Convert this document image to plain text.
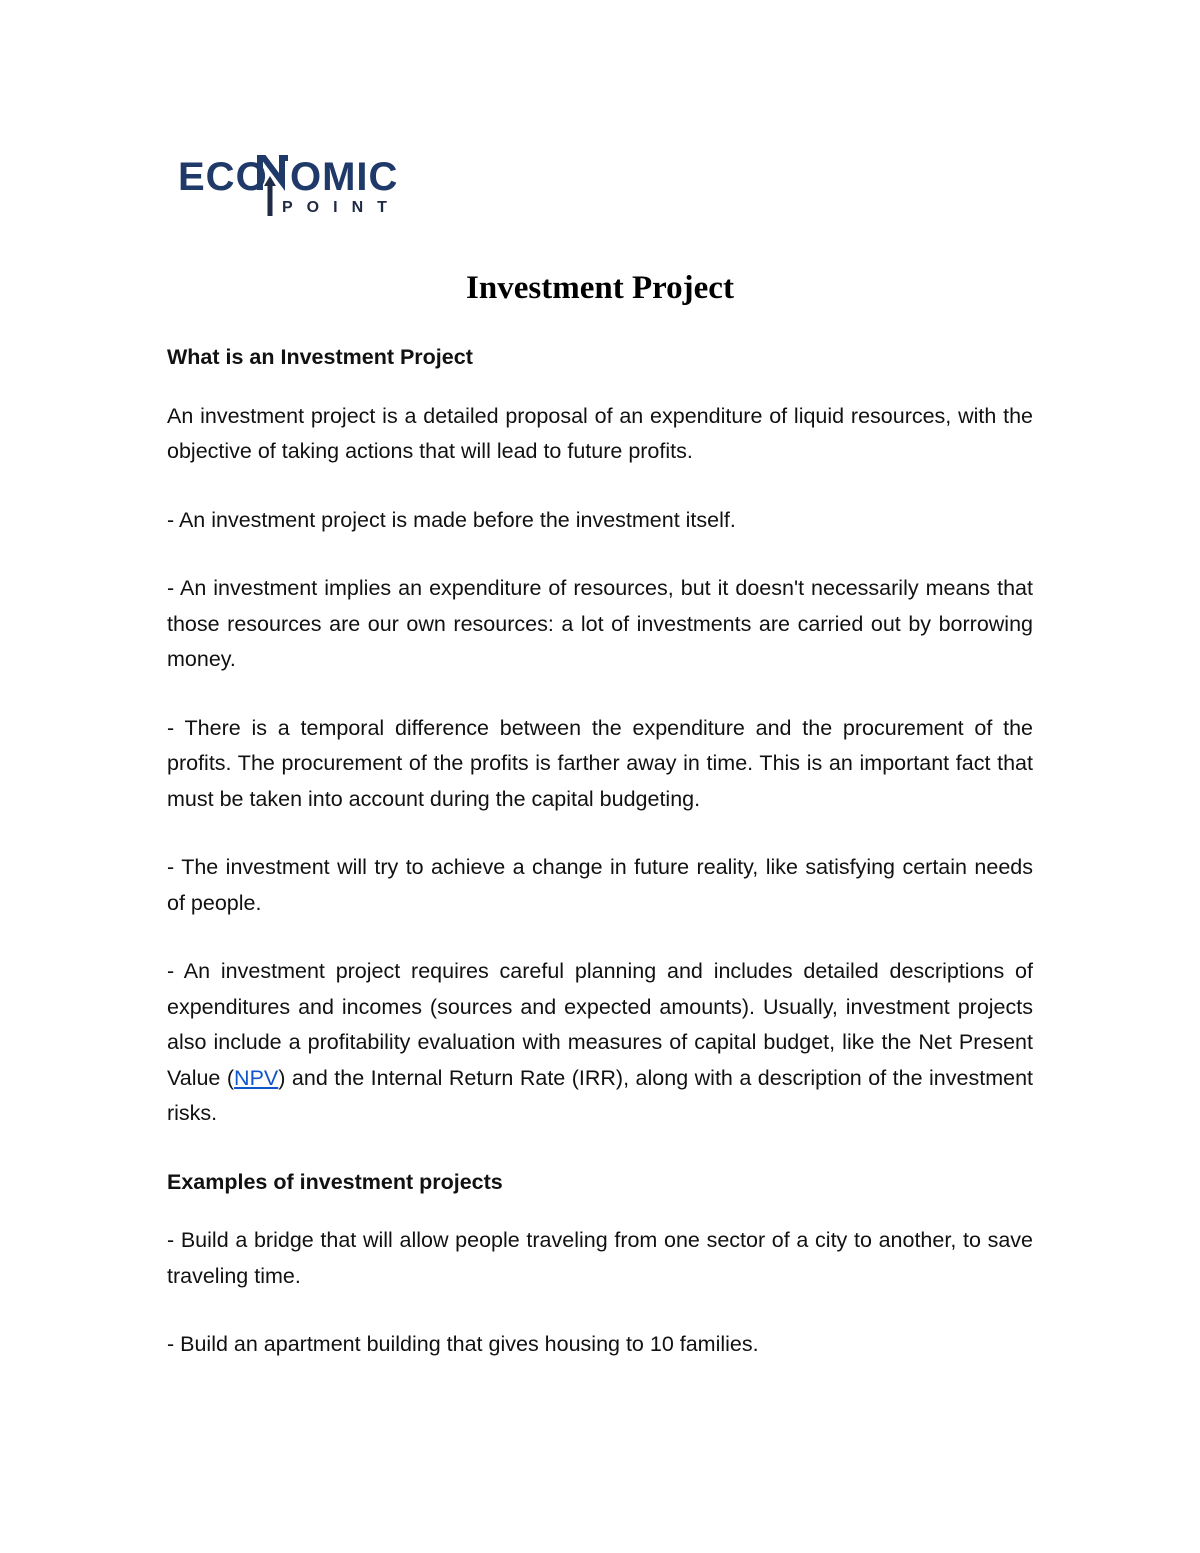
ECO OMIC
POINT
Investment Project
What is an Investment Project

An investment project is a detailed proposal of an expenditure of liquid resources, with the objective of taking actions that will lead to future profits.

- An investment project is made before the investment itself.

- An investment implies an expenditure of resources, but it doesn't necessarily means that those resources are our own resources: a lot of investments are carried out by borrowing money.

- There is a temporal difference between the expenditure and the procurement of the profits. The procurement of the profits is farther away in time. This is an important fact that must be taken into account during the capital budgeting.

- The investment will try to achieve a change in future reality, like satisfying certain needs of people.

- An investment project requires careful planning and includes detailed descriptions of expenditures and incomes (sources and expected amounts). Usually, investment projects also include a profitability evaluation with measures of capital budget, like the Net Present Value (NPV) and the Internal Return Rate (IRR), along with a description of the investment risks.

Examples of investment projects

- Build a bridge that will allow people traveling from one sector of a city to another, to save traveling time.

- Build an apartment building that gives housing to 10 families.
